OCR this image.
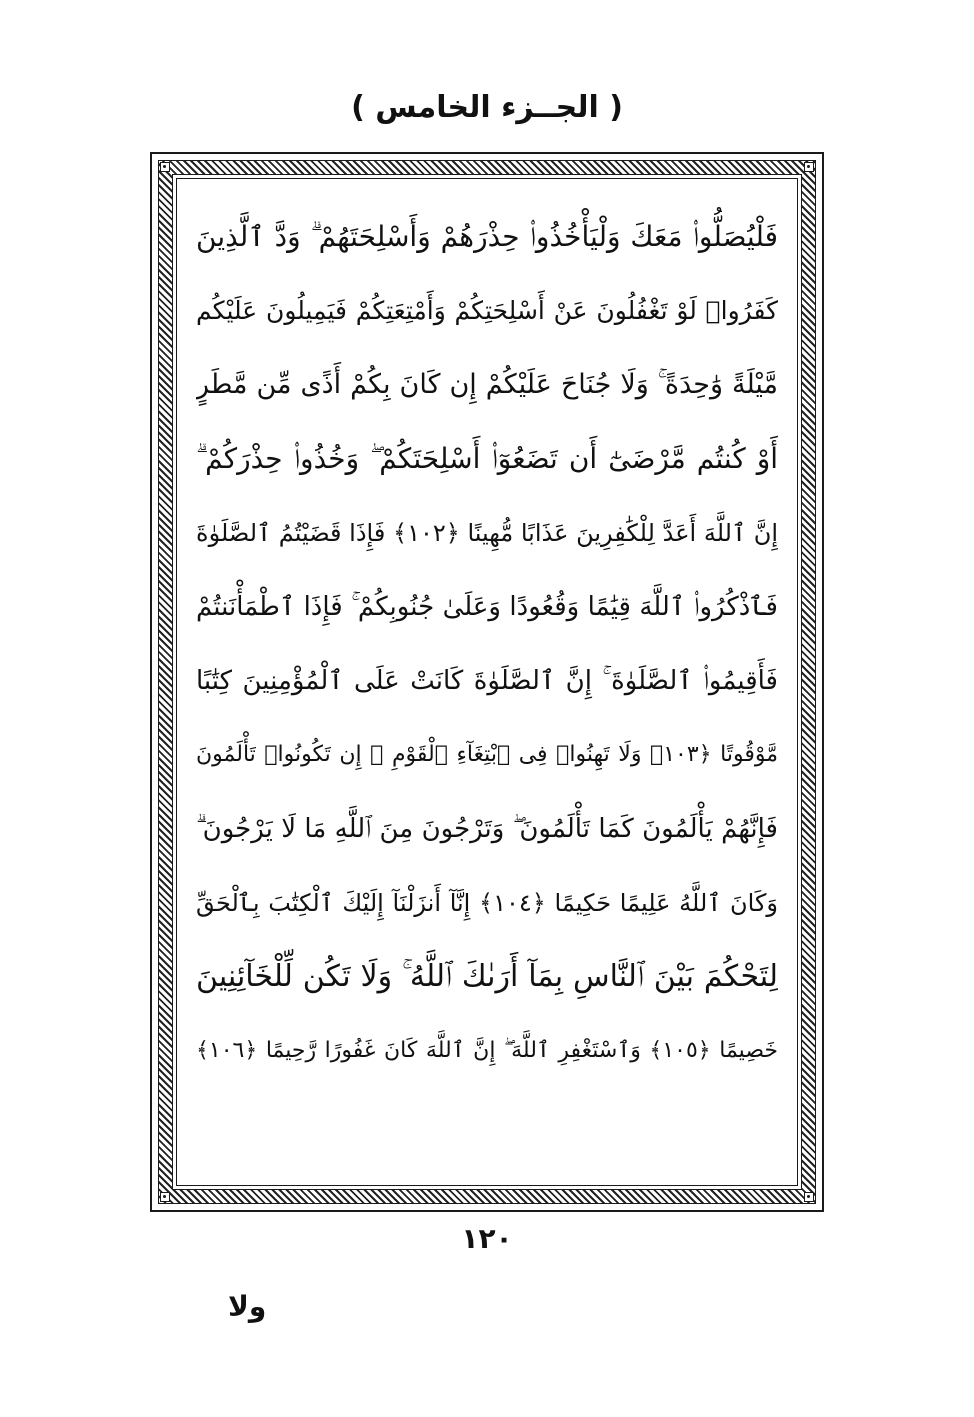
( الجــزء الخامس )
فَلْيُصَلُّوا۟ مَعَكَ وَلْيَأْخُذُوا۟ حِذْرَهُمْ وَأَسْلِحَتَهُمْ ۗ وَدَّ ٱلَّذِينَ
كَفَرُوا۟ لَوْ تَغْفُلُونَ عَنْ أَسْلِحَتِكُمْ وَأَمْتِعَتِكُمْ فَيَمِيلُونَ عَلَيْكُم
مَّيْلَةً وَٰحِدَةً ۚ وَلَا جُنَاحَ عَلَيْكُمْ إِن كَانَ بِكُمْ أَذًى مِّن مَّطَرٍ
أَوْ كُنتُم مَّرْضَىٰٓ أَن تَضَعُوٓا۟ أَسْلِحَتَكُمْ ۖ وَخُذُوا۟ حِذْرَكُمْ ۗ
إِنَّ ٱللَّهَ أَعَدَّ لِلْكَٰفِرِينَ عَذَابًا مُّهِينًا ﴿١٠٢﴾ فَإِذَا قَضَيْتُمُ ٱلصَّلَوٰةَ
فَٱذْكُرُوا۟ ٱللَّهَ قِيَٰمًا وَقُعُودًا وَعَلَىٰ جُنُوبِكُمْ ۚ فَإِذَا ٱطْمَأْنَنتُمْ
فَأَقِيمُوا۟ ٱلصَّلَوٰةَ ۚ إِنَّ ٱلصَّلَوٰةَ كَانَتْ عَلَى ٱلْمُؤْمِنِينَ كِتَٰبًا
مَّوْقُوتًا ﴿١٠٣﴾ وَلَا تَهِنُوا۟ فِى ٱبْتِغَآءِ ٱلْقَوْمِ ۖ إِن تَكُونُوا۟ تَأْلَمُونَ
فَإِنَّهُمْ يَأْلَمُونَ كَمَا تَأْلَمُونَ ۖ وَتَرْجُونَ مِنَ ٱللَّهِ مَا لَا يَرْجُونَ ۗ
وَكَانَ ٱللَّهُ عَلِيمًا حَكِيمًا ﴿١٠٤﴾ إِنَّآ أَنزَلْنَآ إِلَيْكَ ٱلْكِتَٰبَ بِٱلْحَقِّ
لِتَحْكُمَ بَيْنَ ٱلنَّاسِ بِمَآ أَرَىٰكَ ٱللَّهُ ۚ وَلَا تَكُن لِّلْخَآئِنِينَ
خَصِيمًا ﴿١٠٥﴾ وَٱسْتَغْفِرِ ٱللَّهَ ۖ إِنَّ ٱللَّهَ كَانَ غَفُورًا رَّحِيمًا ﴿١٠٦﴾
١٢٠
ولا
